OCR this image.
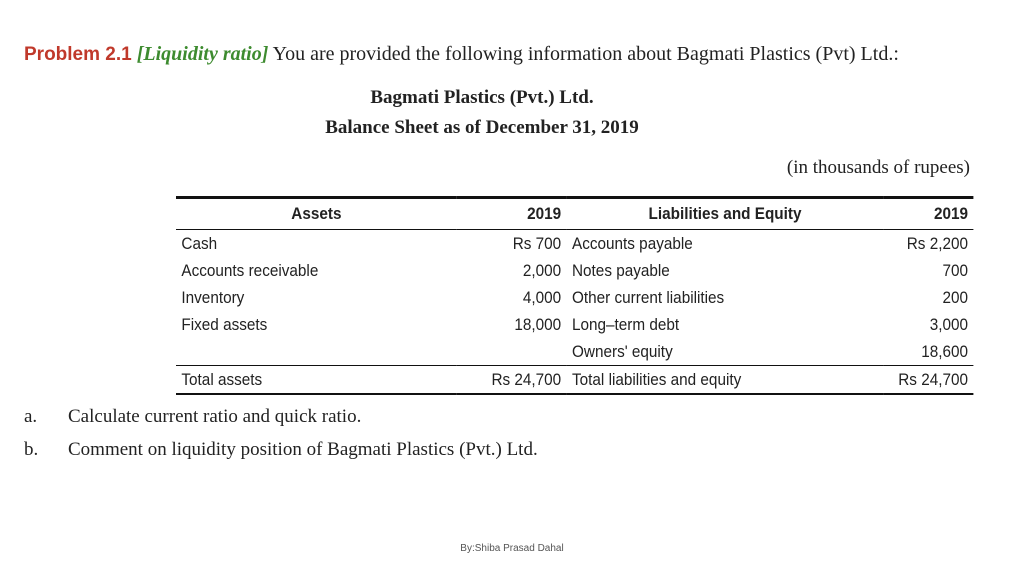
Problem 2.1 [Liquidity ratio] You are provided the following information about Bagmati Plastics (Pvt) Ltd.:
Bagmati Plastics (Pvt.) Ltd.
Balance Sheet as of December 31, 2019
(in thousands of rupees)
Assets	2019	Liabilities and Equity	2019
Cash	Rs 700	Accounts payable	Rs 2,200
Accounts receivable	2,000	Notes payable	700
Inventory	4,000	Other current liabilities	200
Fixed assets	18,000	Long–term debt	3,000
		Owners' equity	18,600
Total assets	Rs 24,700	Total liabilities and equity	Rs 24,700
a. Calculate current ratio and quick ratio.
b. Comment on liquidity position of Bagmati Plastics (Pvt.) Ltd.
By:Shiba Prasad Dahal
